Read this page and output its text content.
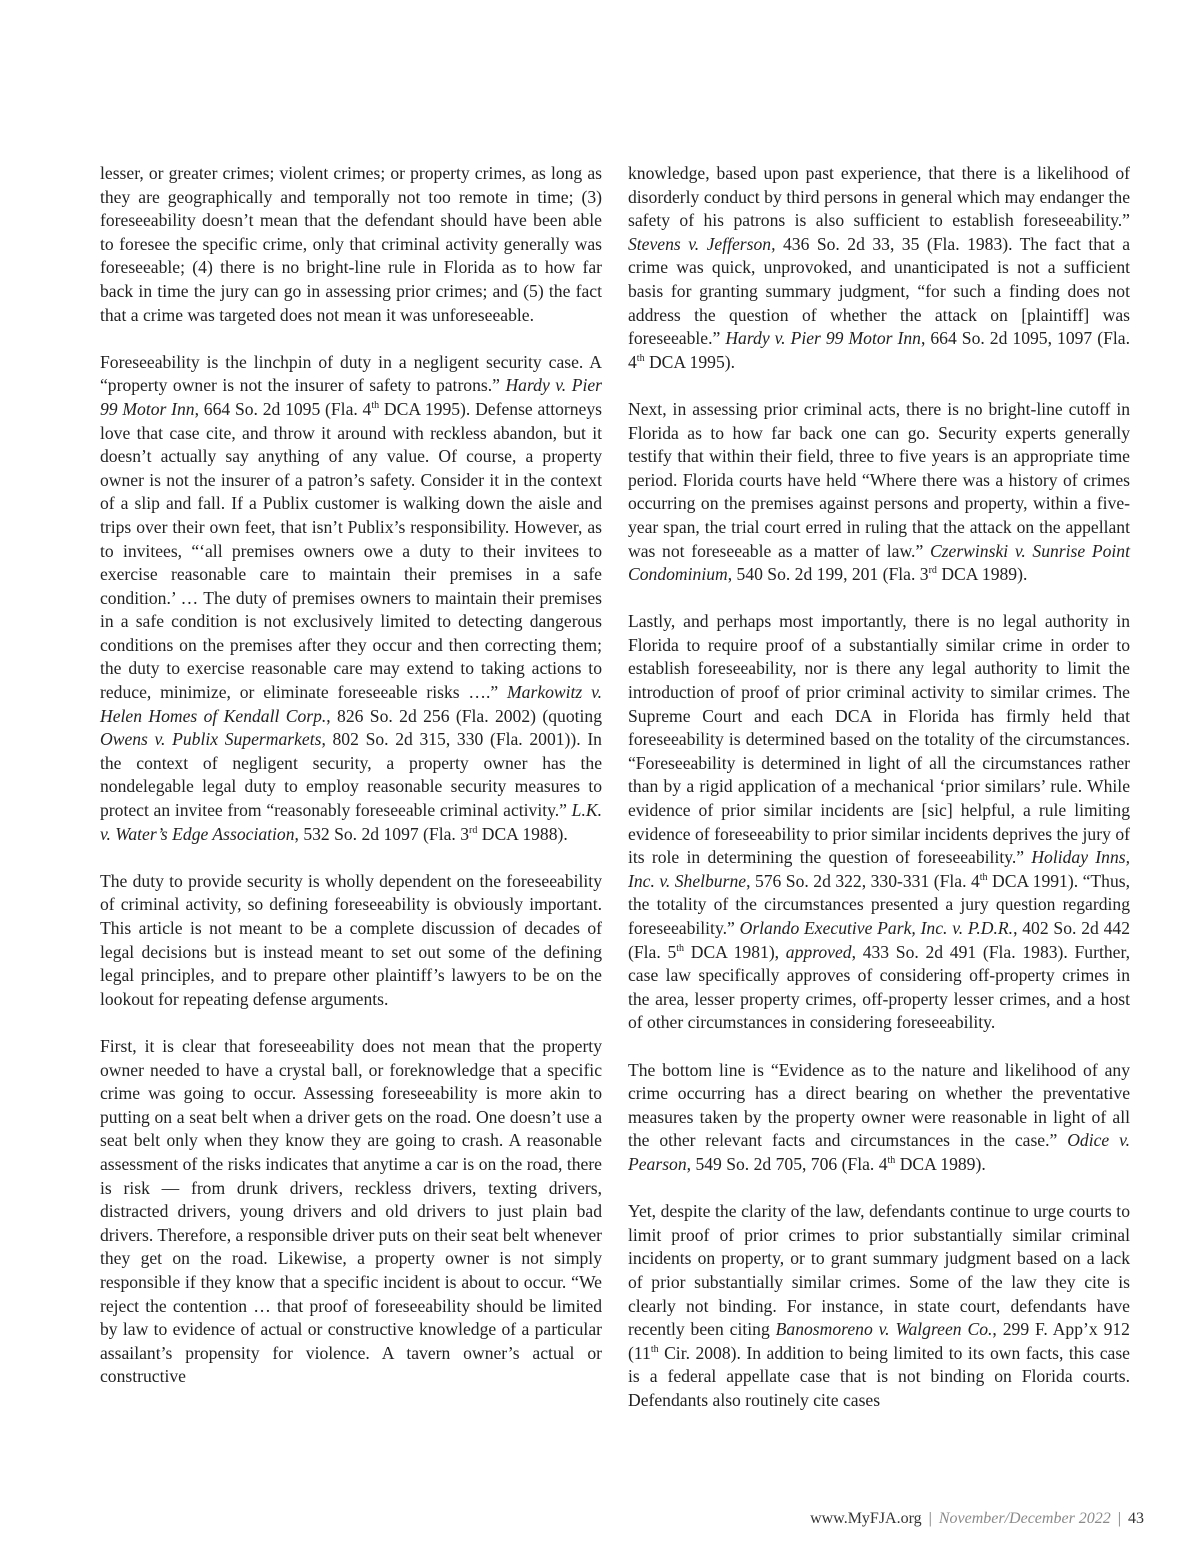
lesser, or greater crimes; violent crimes; or property crimes, as long as they are geographically and temporally not too remote in time; (3) foreseeability doesn’t mean that the defendant should have been able to foresee the specific crime, only that criminal activity generally was foreseeable; (4) there is no bright-line rule in Florida as to how far back in time the jury can go in assessing prior crimes; and (5) the fact that a crime was targeted does not mean it was unforeseeable.

Foreseeability is the linchpin of duty in a negligent security case. A “property owner is not the insurer of safety to patrons.” Hardy v. Pier 99 Motor Inn, 664 So. 2d 1095 (Fla. 4th DCA 1995). Defense attorneys love that case cite, and throw it around with reckless abandon, but it doesn’t actually say anything of any value. Of course, a property owner is not the insurer of a patron’s safety. Consider it in the context of a slip and fall. If a Publix customer is walking down the aisle and trips over their own feet, that isn’t Publix’s responsibility. However, as to invitees, “‘all premises owners owe a duty to their invitees to exercise reasonable care to maintain their premises in a safe condition.’ … The duty of premises owners to maintain their premises in a safe condition is not exclusively limited to detecting dangerous conditions on the premises after they occur and then correcting them; the duty to exercise reasonable care may extend to taking actions to reduce, minimize, or eliminate foreseeable risks ….” Markowitz v. Helen Homes of Kendall Corp., 826 So. 2d 256 (Fla. 2002) (quoting Owens v. Publix Supermarkets, 802 So. 2d 315, 330 (Fla. 2001)). In the context of negligent security, a property owner has the nondelegable legal duty to employ reasonable security measures to protect an invitee from “reasonably foreseeable criminal activity.” L.K. v. Water’s Edge Association, 532 So. 2d 1097 (Fla. 3rd DCA 1988).

The duty to provide security is wholly dependent on the foreseeability of criminal activity, so defining foreseeability is obviously important. This article is not meant to be a complete discussion of decades of legal decisions but is instead meant to set out some of the defining legal principles, and to prepare other plaintiff’s lawyers to be on the lookout for repeating defense arguments.

First, it is clear that foreseeability does not mean that the property owner needed to have a crystal ball, or foreknowledge that a specific crime was going to occur. Assessing foreseeability is more akin to putting on a seat belt when a driver gets on the road. One doesn’t use a seat belt only when they know they are going to crash. A reasonable assessment of the risks indicates that anytime a car is on the road, there is risk — from drunk drivers, reckless drivers, texting drivers, distracted drivers, young drivers and old drivers to just plain bad drivers. Therefore, a responsible driver puts on their seat belt whenever they get on the road. Likewise, a property owner is not simply responsible if they know that a specific incident is about to occur. “We reject the contention … that proof of foreseeability should be limited by law to evidence of actual or constructive knowledge of a particular assailant’s propensity for violence. A tavern owner’s actual or constructive

knowledge, based upon past experience, that there is a likelihood of disorderly conduct by third persons in general which may endanger the safety of his patrons is also sufficient to establish foreseeability.” Stevens v. Jefferson, 436 So. 2d 33, 35 (Fla. 1983). The fact that a crime was quick, unprovoked, and unanticipated is not a sufficient basis for granting summary judgment, “for such a finding does not address the question of whether the attack on [plaintiff] was foreseeable.” Hardy v. Pier 99 Motor Inn, 664 So. 2d 1095, 1097 (Fla. 4th DCA 1995).

Next, in assessing prior criminal acts, there is no bright-line cutoff in Florida as to how far back one can go. Security experts generally testify that within their field, three to five years is an appropriate time period. Florida courts have held “Where there was a history of crimes occurring on the premises against persons and property, within a five-year span, the trial court erred in ruling that the attack on the appellant was not foreseeable as a matter of law.” Czerwinski v. Sunrise Point Condominium, 540 So. 2d 199, 201 (Fla. 3rd DCA 1989).

Lastly, and perhaps most importantly, there is no legal authority in Florida to require proof of a substantially similar crime in order to establish foreseeability, nor is there any legal authority to limit the introduction of proof of prior criminal activity to similar crimes. The Supreme Court and each DCA in Florida has firmly held that foreseeability is determined based on the totality of the circumstances. “Foreseeability is determined in light of all the circumstances rather than by a rigid application of a mechanical ‘prior similars’ rule. While evidence of prior similar incidents are [sic] helpful, a rule limiting evidence of foreseeability to prior similar incidents deprives the jury of its role in determining the question of foreseeability.” Holiday Inns, Inc. v. Shelburne, 576 So. 2d 322, 330-331 (Fla. 4th DCA 1991). “Thus, the totality of the circumstances presented a jury question regarding foreseeability.” Orlando Executive Park, Inc. v. P.D.R., 402 So. 2d 442 (Fla. 5th DCA 1981), approved, 433 So. 2d 491 (Fla. 1983). Further, case law specifically approves of considering off-property crimes in the area, lesser property crimes, off-property lesser crimes, and a host of other circumstances in considering foreseeability.

The bottom line is “Evidence as to the nature and likelihood of any crime occurring has a direct bearing on whether the preventative measures taken by the property owner were reasonable in light of all the other relevant facts and circumstances in the case.” Odice v. Pearson, 549 So. 2d 705, 706 (Fla. 4th DCA 1989).

Yet, despite the clarity of the law, defendants continue to urge courts to limit proof of prior crimes to prior substantially similar criminal incidents on property, or to grant summary judgment based on a lack of prior substantially similar crimes. Some of the law they cite is clearly not binding. For instance, in state court, defendants have recently been citing Banosmoreno v. Walgreen Co., 299 F. App’x 912 (11th Cir. 2008). In addition to being limited to its own facts, this case is a federal appellate case that is not binding on Florida courts. Defendants also routinely cite cases

www.MyFJA.org | November/December 2022 | 43
